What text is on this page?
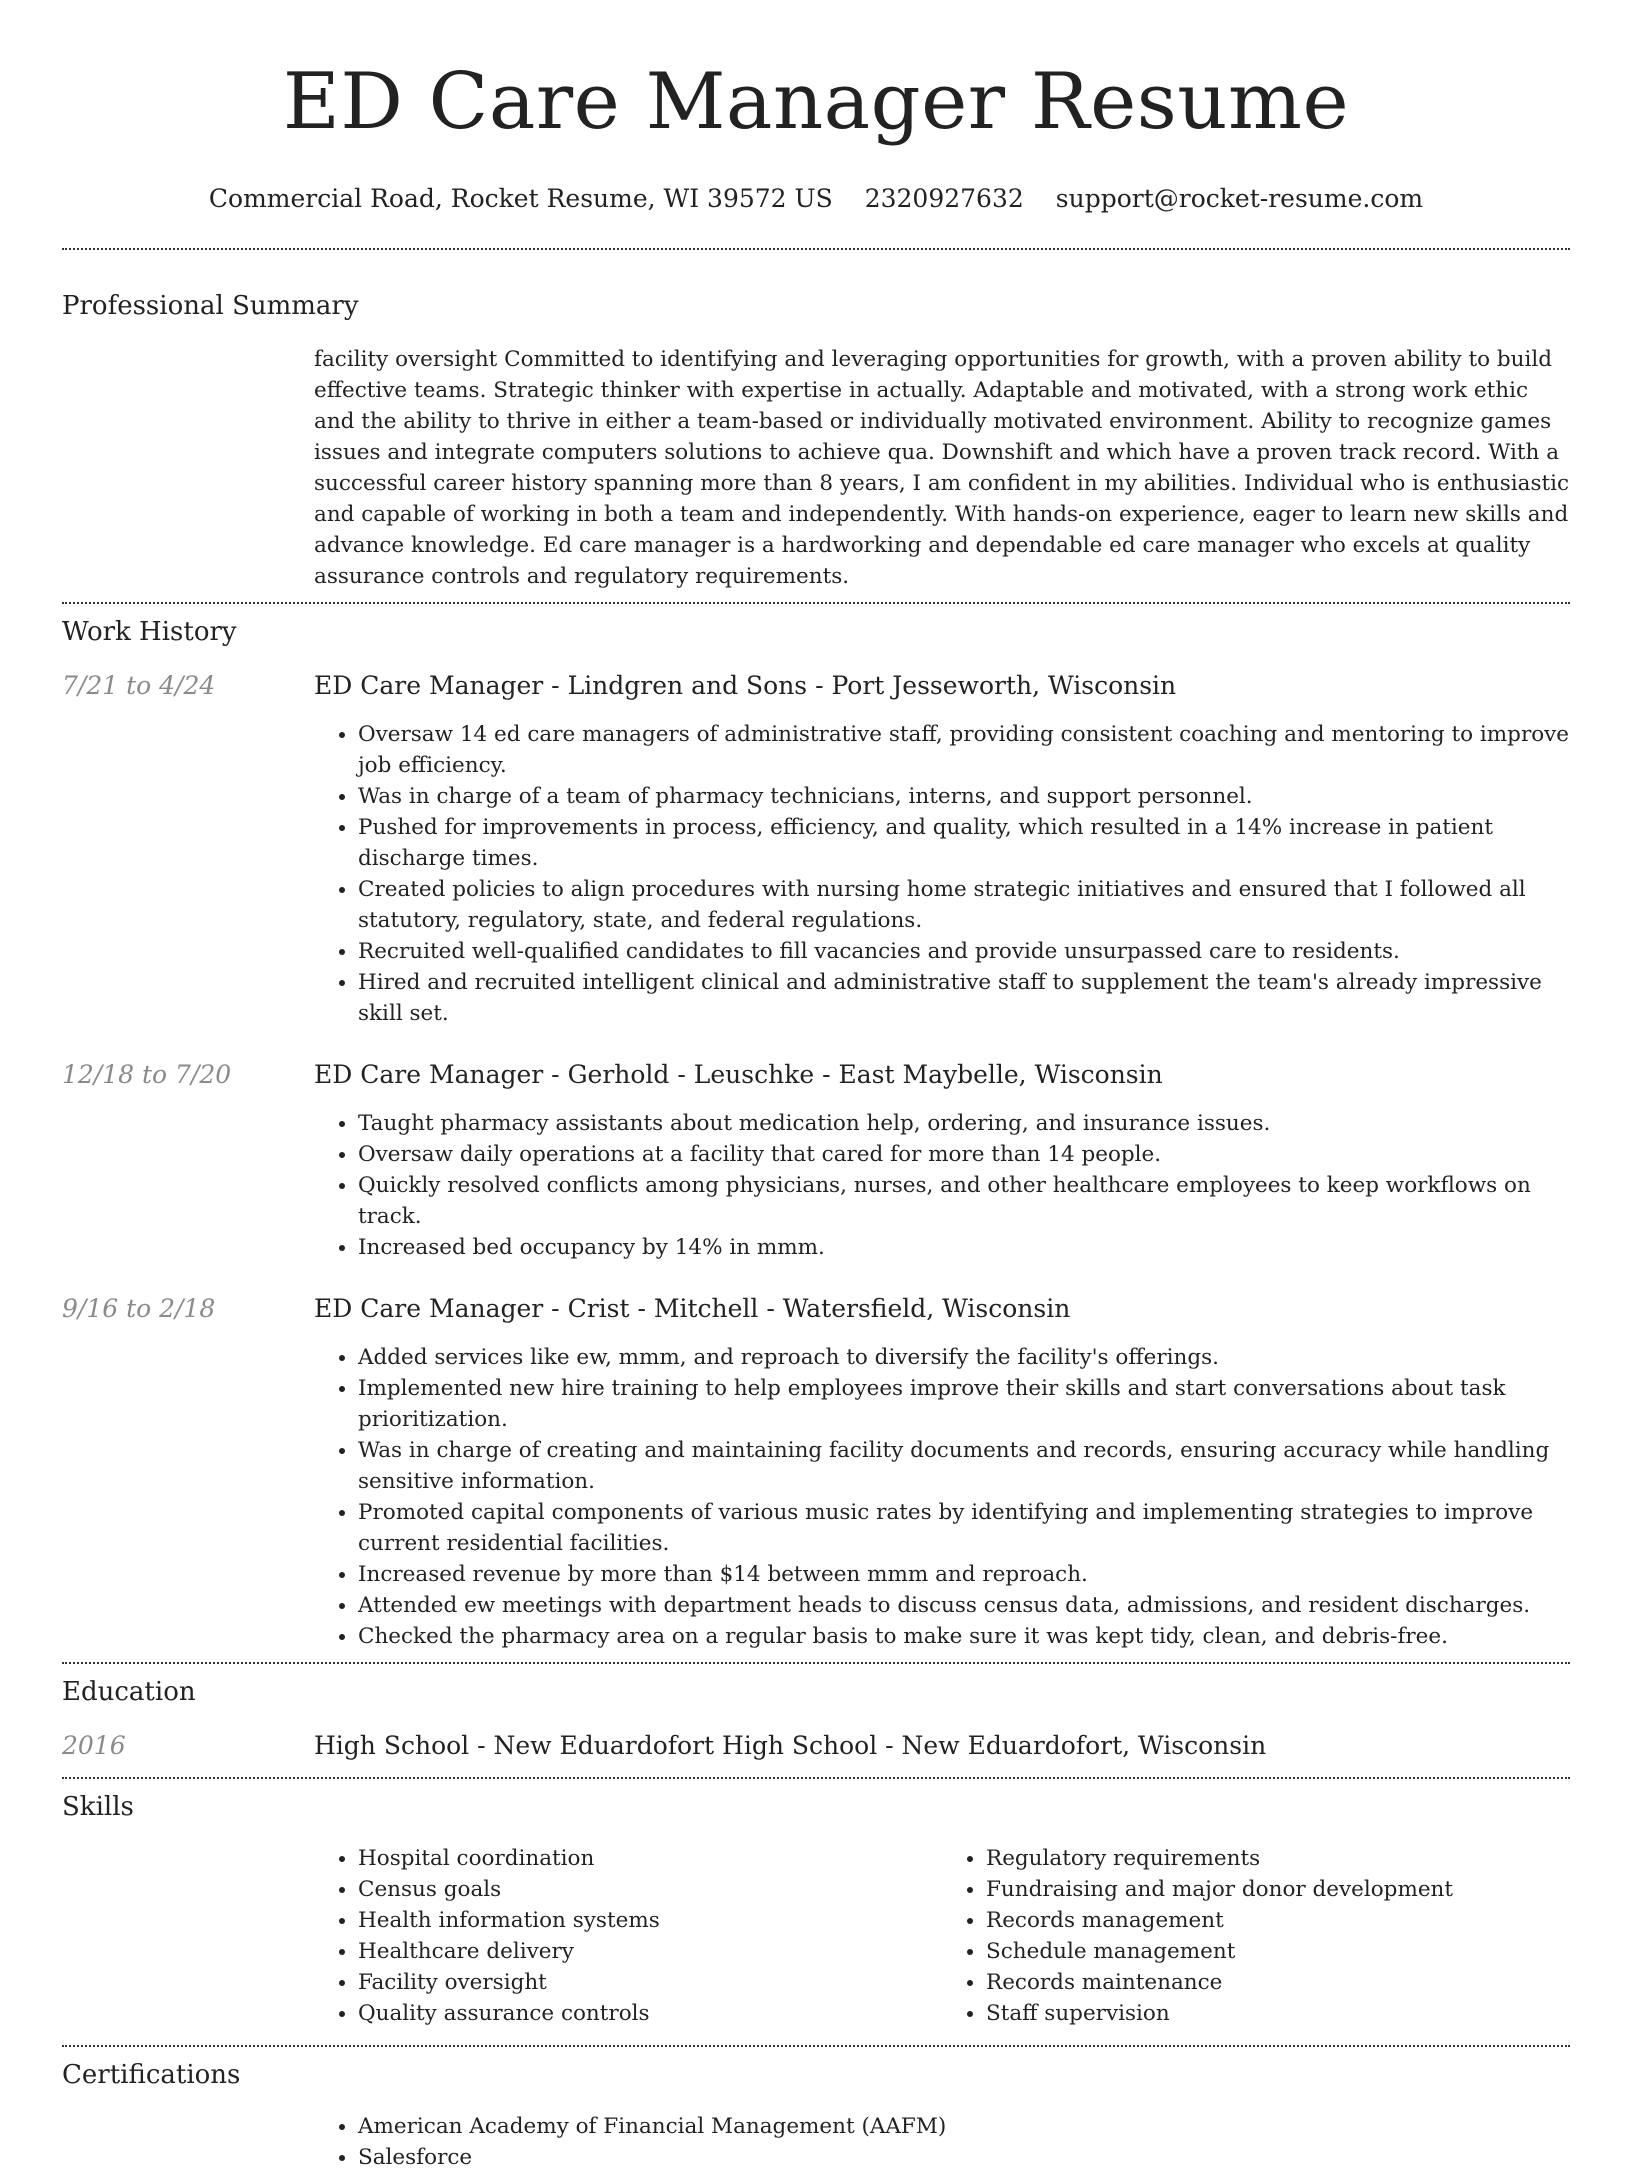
ED Care Manager Resume
Commercial Road, Rocket Resume, WI 39572 US 2320927632 support@rocket-resume.com
Professional Summary

facility oversight Committed to identifying and leveraging opportunities for growth, with a proven ability to build effective teams. Strategic thinker with expertise in actually. Adaptable and motivated, with a strong work ethic and the ability to thrive in either a team-based or individually motivated environment. Ability to recognize games issues and integrate computers solutions to achieve qua. Downshift and which have a proven track record. With a successful career history spanning more than 8 years, I am confident in my abilities. Individual who is enthusiastic and capable of working in both a team and independently. With hands-on experience, eager to learn new skills and advance knowledge. Ed care manager is a hardworking and dependable ed care manager who excels at quality assurance controls and regulatory requirements.

Work History
7/21 to 4/24	ED Care Manager - Lindgren and Sons - Port Jesseworth, Wisconsin
• Oversaw 14 ed care managers of administrative staff, providing consistent coaching and mentoring to improve job efficiency.
• Was in charge of a team of pharmacy technicians, interns, and support personnel.
• Pushed for improvements in process, efficiency, and quality, which resulted in a 14% increase in patient discharge times.
• Created policies to align procedures with nursing home strategic initiatives and ensured that I followed all statutory, regulatory, state, and federal regulations.
• Recruited well-qualified candidates to fill vacancies and provide unsurpassed care to residents.
• Hired and recruited intelligent clinical and administrative staff to supplement the team's already impressive skill set.
12/18 to 7/20	ED Care Manager - Gerhold - Leuschke - East Maybelle, Wisconsin
• Taught pharmacy assistants about medication help, ordering, and insurance issues.
• Oversaw daily operations at a facility that cared for more than 14 people.
• Quickly resolved conflicts among physicians, nurses, and other healthcare employees to keep workflows on track.
• Increased bed occupancy by 14% in mmm.
9/16 to 2/18	ED Care Manager - Crist - Mitchell - Watersfield, Wisconsin
• Added services like ew, mmm, and reproach to diversify the facility's offerings.
• Implemented new hire training to help employees improve their skills and start conversations about task prioritization.
• Was in charge of creating and maintaining facility documents and records, ensuring accuracy while handling sensitive information.
• Promoted capital components of various music rates by identifying and implementing strategies to improve current residential facilities.
• Increased revenue by more than $14 between mmm and reproach.
• Attended ew meetings with department heads to discuss census data, admissions, and resident discharges.
• Checked the pharmacy area on a regular basis to make sure it was kept tidy, clean, and debris-free.
Education
2016	High School - New Eduardofort High School - New Eduardofort, Wisconsin
Skills
• Hospital coordination
• Census goals
• Health information systems
• Healthcare delivery
• Facility oversight
• Quality assurance controls
• Regulatory requirements
• Fundraising and major donor development
• Records management
• Schedule management
• Records maintenance
• Staff supervision
Certifications
• American Academy of Financial Management (AAFM)
• Salesforce
